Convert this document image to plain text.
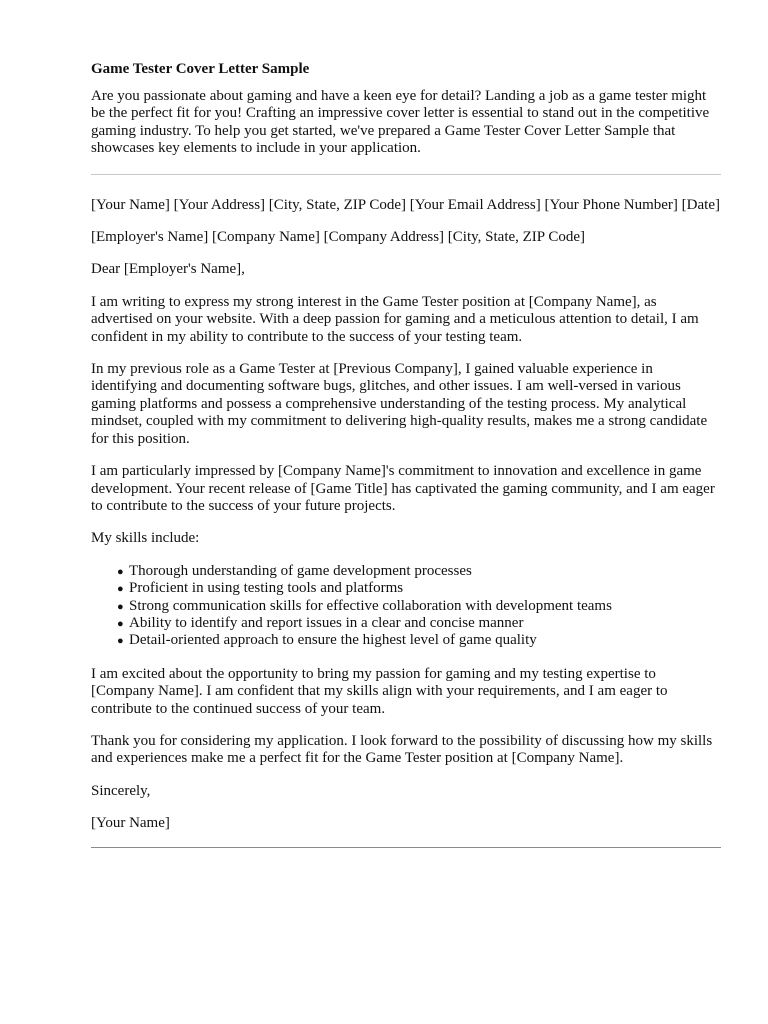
Game Tester Cover Letter Sample

Are you passionate about gaming and have a keen eye for detail? Landing a job as a game tester might be the perfect fit for you! Crafting an impressive cover letter is essential to stand out in the competitive gaming industry. To help you get started, we've prepared a Game Tester Cover Letter Sample that showcases key elements to include in your application.

[Your Name] [Your Address] [City, State, ZIP Code] [Your Email Address] [Your Phone Number] [Date]

[Employer's Name] [Company Name] [Company Address] [City, State, ZIP Code]

Dear [Employer's Name],

I am writing to express my strong interest in the Game Tester position at [Company Name], as advertised on your website. With a deep passion for gaming and a meticulous attention to detail, I am confident in my ability to contribute to the success of your testing team.

In my previous role as a Game Tester at [Previous Company], I gained valuable experience in identifying and documenting software bugs, glitches, and other issues. I am well-versed in various gaming platforms and possess a comprehensive understanding of the testing process. My analytical mindset, coupled with my commitment to delivering high-quality results, makes me a strong candidate for this position.

I am particularly impressed by [Company Name]'s commitment to innovation and excellence in game development. Your recent release of [Game Title] has captivated the gaming community, and I am eager to contribute to the success of your future projects.

My skills include:

● Thorough understanding of game development processes
● Proficient in using testing tools and platforms
● Strong communication skills for effective collaboration with development teams
● Ability to identify and report issues in a clear and concise manner
● Detail-oriented approach to ensure the highest level of game quality

I am excited about the opportunity to bring my passion for gaming and my testing expertise to [Company Name]. I am confident that my skills align with your requirements, and I am eager to contribute to the continued success of your team.

Thank you for considering my application. I look forward to the possibility of discussing how my skills and experiences make me a perfect fit for the Game Tester position at [Company Name].

Sincerely,

[Your Name]
